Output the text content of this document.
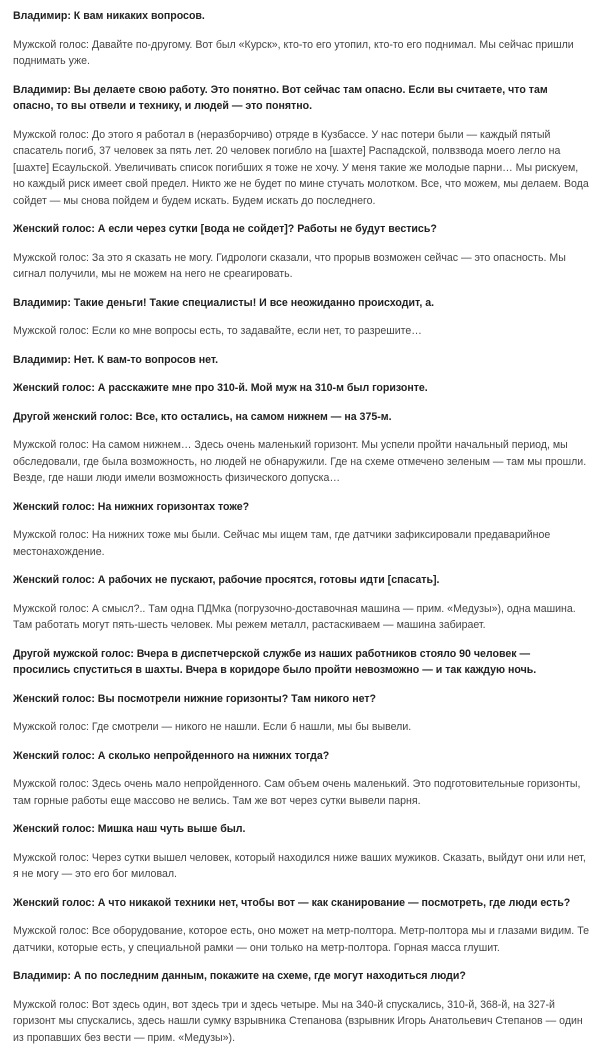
Владимир: К вам никаких вопросов.

Мужской голос: Давайте по-другому. Вот был «Курск», кто-то его утопил, кто-то его поднимал. Мы сейчас пришли поднимать уже.

Владимир: Вы делаете свою работу. Это понятно. Вот сейчас там опасно. Если вы считаете, что там опасно, то вы отвели и технику, и людей — это понятно.

Мужской голос: До этого я работал в (неразборчиво) отряде в Кузбассе. У нас потери были — каждый пятый спасатель погиб, 37 человек за пять лет. 20 человек погибло на [шахте] Распадской, полвзвода моего легло на [шахте] Есаульской. Увеличивать список погибших я тоже не хочу. У меня такие же молодые парни… Мы рискуем, но каждый риск имеет свой предел. Никто же не будет по мине стучать молотком. Все, что можем, мы делаем. Вода сойдет — мы снова пойдем и будем искать. Будем искать до последнего.

Женский голос: А если через сутки [вода не сойдет]? Работы не будут вестись?

Мужской голос: За это я сказать не могу. Гидрологи сказали, что прорыв возможен сейчас — это опасность. Мы сигнал получили, мы не можем на него не среагировать.

Владимир: Такие деньги! Такие специалисты! И все неожиданно происходит, а.

Мужской голос: Если ко мне вопросы есть, то задавайте, если нет, то разрешите…

Владимир: Нет. К вам-то вопросов нет.

Женский голос: А расскажите мне про 310-й. Мой муж на 310-м был горизонте.

Другой женский голос: Все, кто остались, на самом нижнем — на 375-м.

Мужской голос: На самом нижнем… Здесь очень маленький горизонт. Мы успели пройти начальный период, мы обследовали, где была возможность, но людей не обнаружили. Где на схеме отмечено зеленым — там мы прошли. Везде, где наши люди имели возможность физического допуска…

Женский голос: На нижних горизонтах тоже?

Мужской голос: На нижних тоже мы были. Сейчас мы ищем там, где датчики зафиксировали предаварийное местонахождение.

Женский голос: А рабочих не пускают, рабочие просятся, готовы идти [спасать].

Мужской голос: А смысл?.. Там одна ПДМка (погрузочно-доставочная машина — прим. «Медузы»), одна машина. Там работать могут пять-шесть человек. Мы режем металл, растаскиваем — машина забирает.

Другой мужской голос: Вчера в диспетчерской службе из наших работников стояло 90 человек — просились спуститься в шахты. Вчера в коридоре было пройти невозможно — и так каждую ночь.

Женский голос: Вы посмотрели нижние горизонты? Там никого нет?

Мужской голос: Где смотрели — никого не нашли. Если б нашли, мы бы вывели.

Женский голос: А сколько непройденного на нижних тогда?

Мужской голос: Здесь очень мало непройденного. Сам объем очень маленький. Это подготовительные горизонты, там горные работы еще массово не велись. Там же вот через сутки вывели парня.

Женский голос: Мишка наш чуть выше был.

Мужской голос: Через сутки вышел человек, который находился ниже ваших мужиков. Сказать, выйдут они или нет, я не могу — это его бог миловал.

Женский голос: А что никакой техники нет, чтобы вот — как сканирование — посмотреть, где люди есть?

Мужской голос: Все оборудование, которое есть, оно может на метр-полтора. Метр-полтора мы и глазами видим. Те датчики, которые есть, у специальной рамки — они только на метр-полтора. Горная масса глушит.

Владимир: А по последним данным, покажите на схеме, где могут находиться люди?

Мужской голос: Вот здесь один, вот здесь три и здесь четыре. Мы на 340-й спускались, 310-й, 368-й, на 327-й горизонт мы спускались, здесь нашли сумку взрывника Степанова (взрывник Игорь Анатольевич Степанов — один из пропавших без вести — прим. «Медузы»).
